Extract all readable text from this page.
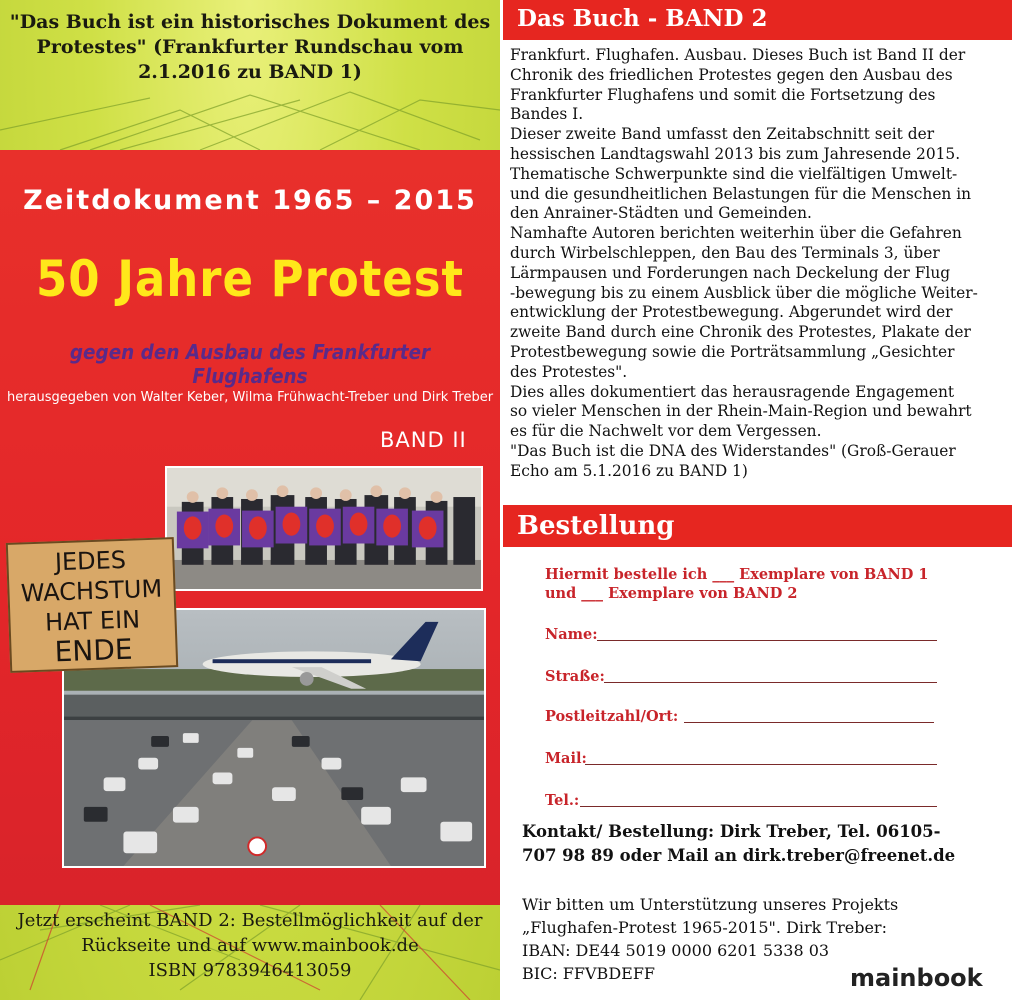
"Das Buch ist ein historisches Dokument des
Protestes" (Frankfurter Rundschau vom
2.1.2016 zu BAND 1)
Zeitdokument 1965 – 2015
50 Jahre Protest
gegen den Ausbau des Frankfurter Flughafens
herausgegeben von Walter Keber, Wilma Frühwacht-Treber und Dirk Treber
BAND II
JEDES
WACHSTUM
HAT EIN
ENDE
Jetzt erscheint BAND 2: Bestellmöglichkeit auf der
Rückseite und auf www.mainbook.de
ISBN 9783946413059
Das Buch - BAND 2

Frankfurt. Flughafen. Ausbau. Dieses Buch ist Band II der

Chronik des friedlichen Protestes gegen den Ausbau des

Frankfurter Flughafens und somit die Fortsetzung des

Bandes I.

Dieser zweite Band umfasst den Zeitabschnitt seit der

hessischen Landtagswahl 2013 bis zum Jahresende 2015.

Thematische Schwerpunkte sind die vielfältigen Umwelt-

und die gesundheitlichen Belastungen für die Menschen in

den Anrainer-Städten und Gemeinden.

Namhafte Autoren berichten weiterhin über die Gefahren

durch Wirbelschleppen, den Bau des Terminals 3, über

Lärmpausen und Forderungen nach Deckelung der Flug

-bewegung bis zu einem Ausblick über die mögliche Weiter-

entwicklung der Protestbewegung. Abgerundet wird der

zweite Band durch eine Chronik des Protestes, Plakate der

Protestbewegung sowie die Porträtsammlung „Gesichter

des Protestes".

Dies alles dokumentiert das herausragende Engagement

so vieler Menschen in der Rhein-Main-Region und bewahrt

es für die Nachwelt vor dem Vergessen.

"Das Buch ist die DNA des Widerstandes" (Groß-Gerauer

Echo am 5.1.2016 zu BAND 1)

Bestellung
Hiermit bestelle ich ___ Exemplare von BAND 1
und ___ Exemplare von BAND 2
Name:
Straße:
Postleitzahl/Ort:
Mail:
Tel.:
Kontakt/ Bestellung: Dirk Treber, Tel. 06105-
707 98 89 oder Mail an dirk.treber@freenet.de
Wir bitten um Unterstützung unseres Projekts
„Flughafen-Protest 1965-2015". Dirk Treber:
IBAN: DE44 5019 0000 6201 5338 03
BIC: FFVBDEFF	mainbook
